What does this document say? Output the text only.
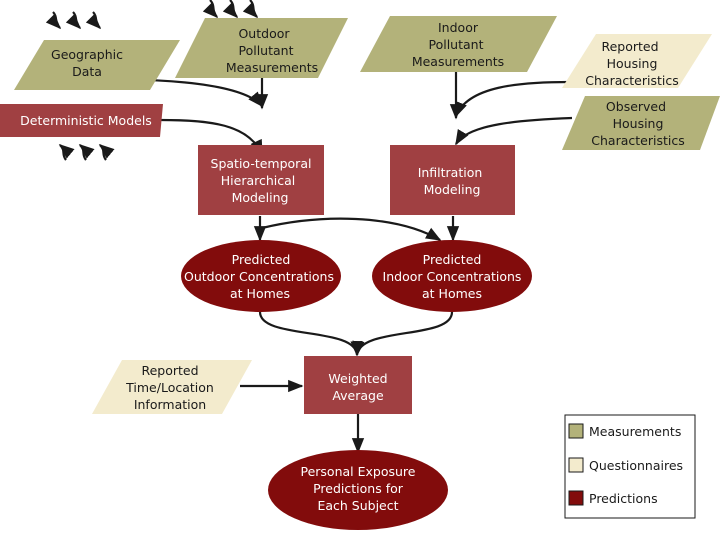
Geographic Data
Outdoor Pollutant Measurements
Indoor Pollutant Measurements
Observed Housing Characteristics
Reported Housing Characteristics
Reported Time/Location Information
Deterministic Models
Spatio-temporal Hierarchical Modeling
Infiltration Modeling
Weighted Average
Predicted Outdoor Concentrations at Homes
Predicted Indoor Concentrations at Homes
Personal Exposure Predictions for Each Subject
Measurements
Questionnaires
Predictions
